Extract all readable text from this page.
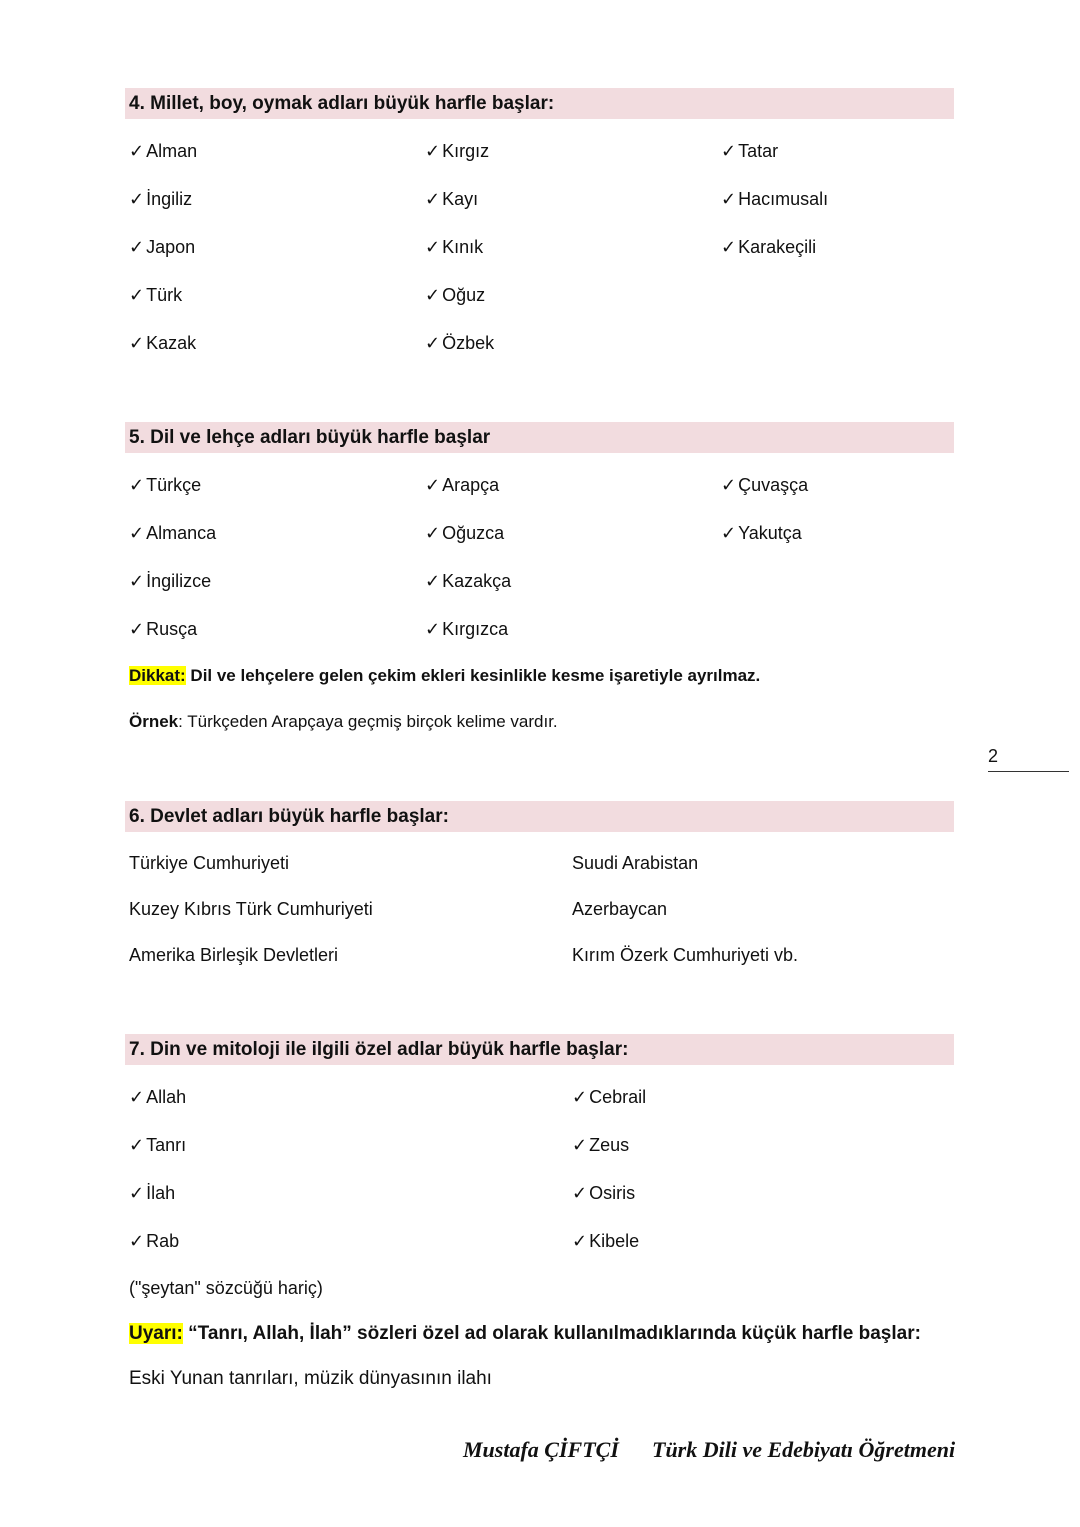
4. Millet, boy, oymak adları büyük harfle başlar:
✓ Alman
✓ İngiliz
✓ Japon
✓ Türk
✓ Kazak
✓ Kırgız
✓ Kayı
✓ Kınık
✓ Oğuz
✓ Özbek
✓ Tatar
✓ Hacımusalı
✓ Karakeçili
5. Dil ve lehçe adları büyük harfle başlar
✓ Türkçe
✓ Almanca
✓ İngilizce
✓ Rusça
✓ Arapça
✓ Oğuzca
✓ Kazakça
✓ Kırgızca
✓ Çuvaşça
✓ Yakutça
Dikkat: Dil ve lehçelere gelen çekim ekleri kesinlikle kesme işaretiyle ayrılmaz.
Örnek: Türkçeden Arapçaya geçmiş birçok kelime vardır.
2
6. Devlet adları büyük harfle başlar:
Türkiye Cumhuriyeti
Kuzey Kıbrıs Türk Cumhuriyeti
Amerika Birleşik Devletleri
Suudi Arabistan
Azerbaycan
Kırım Özerk Cumhuriyeti vb.
7. Din ve mitoloji ile ilgili özel adlar büyük harfle başlar:
✓ Allah
✓ Tanrı
✓ İlah
✓ Rab
✓ Cebrail
✓ Zeus
✓ Osiris
✓ Kibele
("şeytan" sözcüğü hariç)
Uyarı: “Tanrı, Allah, İlah” sözleri özel ad olarak kullanılmadıklarında küçük harfle başlar:
Eski Yunan tanrıları, müzik dünyasının ilahı
Mustafa ÇİFTÇİ Türk Dili ve Edebiyatı Öğretmeni
